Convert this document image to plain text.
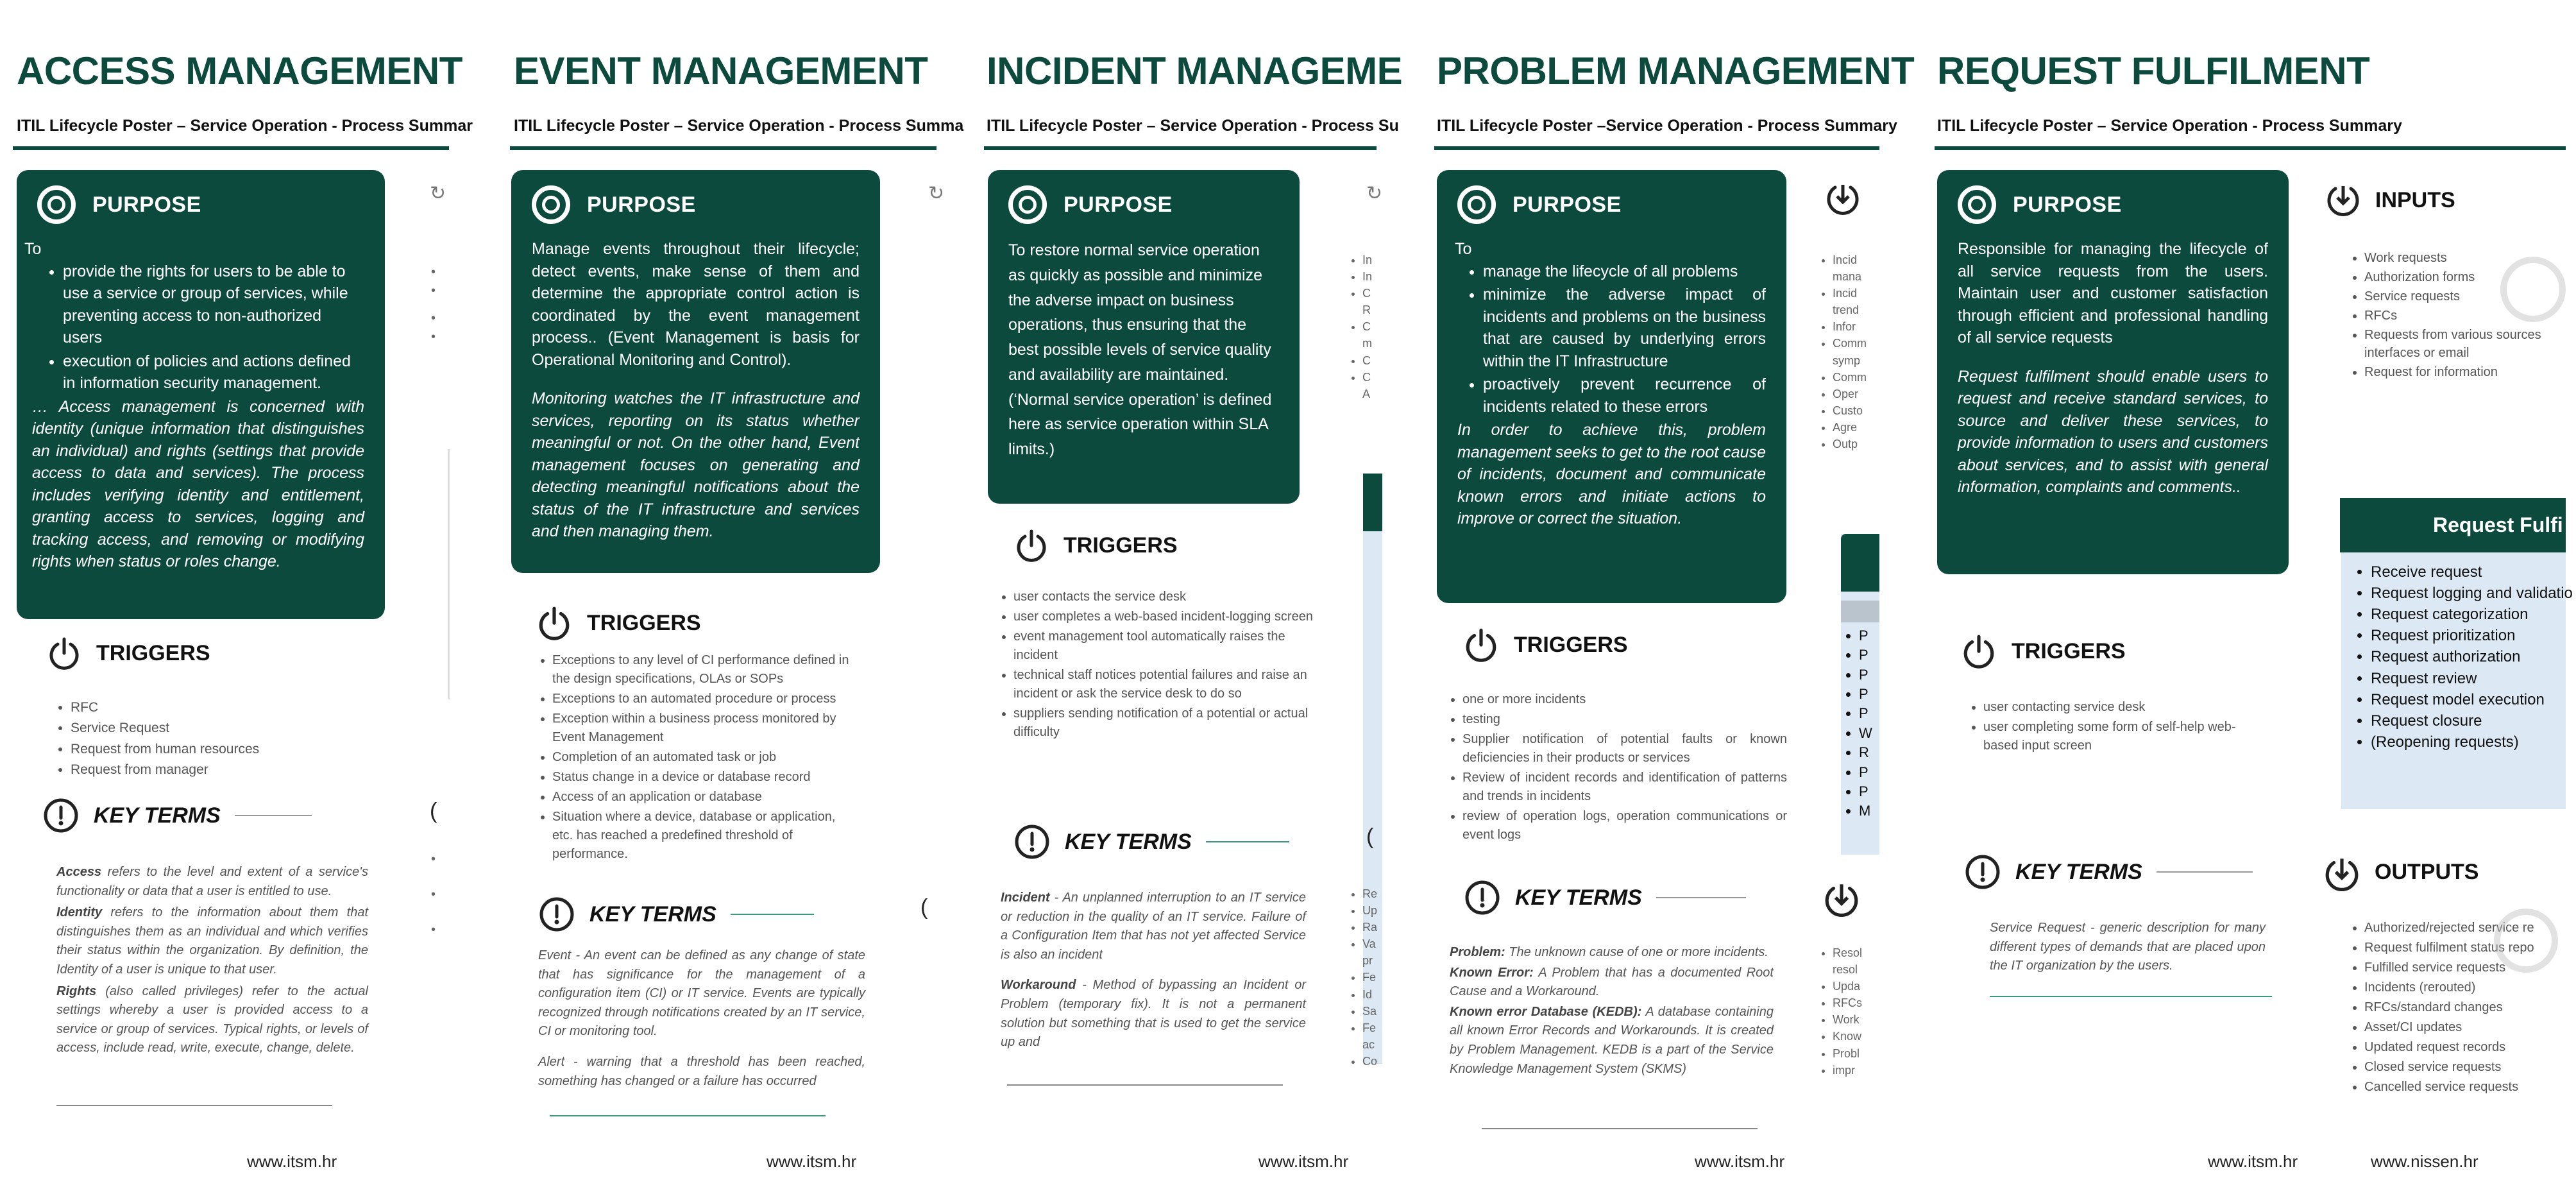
ACCESS MANAGEMENT
ITIL Lifecycle Poster – Service Operation - Process Summar
PURPOSE

To

• provide the rights for users to be able to use a service or group of services, while preventing access to non-authorized users
• execution of policies and actions defined in information security management.

… Access management is concerned with identity (unique information that distinguishes an individual) and rights (settings that provide access to data and services). The process includes verifying identity and entitlement, granting access to services, logging and tracking access, and removing or modifying rights when status or roles change.

TRIGGERS
• RFC
• Service Request
• Request from human resources
• Request from manager
KEY TERMS

Access refers to the level and extent of a service's functionality or data that a user is entitled to use.

Identity refers to the information about them that distinguishes them as an individual and which verifies their status within the organization. By definition, the Identity of a user is unique to that user.

Rights (also called privileges) refer to the actual settings whereby a user is provided access to a service or group of services. Typical rights, or levels of access, include read, write, execute, change, delete.

↻
•
•
•
•
(
•
•
•
www.itsm.hr
EVENT MANAGEMENT
ITIL Lifecycle Poster – Service Operation - Process Summa
PURPOSE

Manage events throughout their lifecycle; detect events, make sense of them and determine the appropriate control action is coordinated by the event management process.. (Event Management is basis for Operational Monitoring and Control).

Monitoring watches the IT infrastructure and services, reporting on its status whether meaningful or not. On the other hand, Event management focuses on generating and detecting meaningful notifications about the status of the IT infrastructure and services and then managing them.

TRIGGERS
• Exceptions to any level of CI performance defined in the design specifications, OLAs or SOPs
• Exceptions to an automated procedure or process
• Exception within a business process monitored by Event Management
• Completion of an automated task or job
• Status change in a device or database record
• Access of an application or database
• Situation where a device, database or application, etc. has reached a predefined threshold of performance.
KEY TERMS

Event - An event can be defined as any change of state that has significance for the management of a configuration item (CI) or IT service. Events are typically recognized through notifications created by an IT service, CI or monitoring tool.

Alert - warning that a threshold has been reached, something has changed or a failure has occurred

↻
(
www.itsm.hr
INCIDENT MANAGEME
ITIL Lifecycle Poster – Service Operation - Process Su
PURPOSE

To restore normal service operation as quickly as possible and minimize the adverse impact on business operations, thus ensuring that the best possible levels of service quality and availability are maintained. (‘Normal service operation’ is defined here as service operation within SLA limits.)

TRIGGERS
• user contacts the service desk
• user completes a web-based incident-logging screen
• event management tool automatically raises the incident
• technical staff notices potential failures and raise an incident or ask the service desk to do so
• suppliers sending notification of a potential or actual difficulty
KEY TERMS

Incident - An unplanned interruption to an IT service or reduction in the quality of an IT service. Failure of a Configuration Item that has not yet affected Service is also an incident

Workaround - Method of bypassing an Incident or Problem (temporary fix). It is not a permanent solution but something that is used to get the service up and

↻
• In
• In
• C
R
• C
m
• C
• C
A
• Re
• Up
• Ra
• Va
pr
• Fe
• Id
• Sa
• Fe
ac
• Co
(
www.itsm.hr
PROBLEM MANAGEMENT
ITIL Lifecycle Poster –Service Operation - Process Summary
PURPOSE

To

• manage the lifecycle of all problems
• minimize the adverse impact of incidents and problems on the business that are caused by underlying errors within the IT Infrastructure
• proactively prevent recurrence of incidents related to these errors

In order to achieve this, problem management seeks to get to the root cause of incidents, document and communicate known errors and initiate actions to improve or correct the situation.

TRIGGERS
• one or more incidents
• testing
• Supplier notification of potential faults or known deficiencies in their products or services
• Review of incident records and identification of patterns and trends in incidents
• review of operation logs, operation communications or event logs
KEY TERMS

Problem: The unknown cause of one or more incidents.

Known Error: A Problem that has a documented Root Cause and a Workaround.

Known error Database (KEDB): A database containing all known Error Records and Workarounds. It is created by Problem Management. KEDB is a part of the Service Knowledge Management System (SKMS)

• Incid
mana
• Incid
trend
• Infor
• Comm
symp
• Comm
• Oper
• Custo
• Agre
• Outp
• P
• P
• P
• P
• P
• W
• R
• P
• P
• M
• Resol
resol
• Upda
• RFCs
• Work
• Know
• Probl
• impr
www.itsm.hr
REQUEST FULFILMENT
ITIL Lifecycle Poster – Service Operation - Process Summary
PURPOSE

Responsible for managing the lifecycle of all service requests from the users. Maintain user and customer satisfaction through efficient and professional handling of all service requests

Request fulfilment should enable users to request and receive standard services, to source and deliver these services, to provide information to users and customers about services, and to assist with general information, complaints and comments..

INPUTS
• Work requests
• Authorization forms
• Service requests
• RFCs
• Requests from various sources interfaces or email
• Request for information
Request Fulfi
• Receive request
• Request logging and validatio
• Request categorization
• Request prioritization
• Request authorization
• Request review
• Request model execution
• Request closure
• (Reopening requests)
TRIGGERS
• user contacting service desk
• user completing some form of self-help web-based input screen
KEY TERMS

Service Request - generic description for many different types of demands that are placed upon the IT organization by the users.

OUTPUTS
• Authorized/rejected service re
• Request fulfilment status repo
• Fulfilled service requests
• Incidents (rerouted)
• RFCs/standard changes
• Asset/CI updates
• Updated request records
• Closed service requests
• Cancelled service requests
www.itsm.hr	www.nissen.hr
